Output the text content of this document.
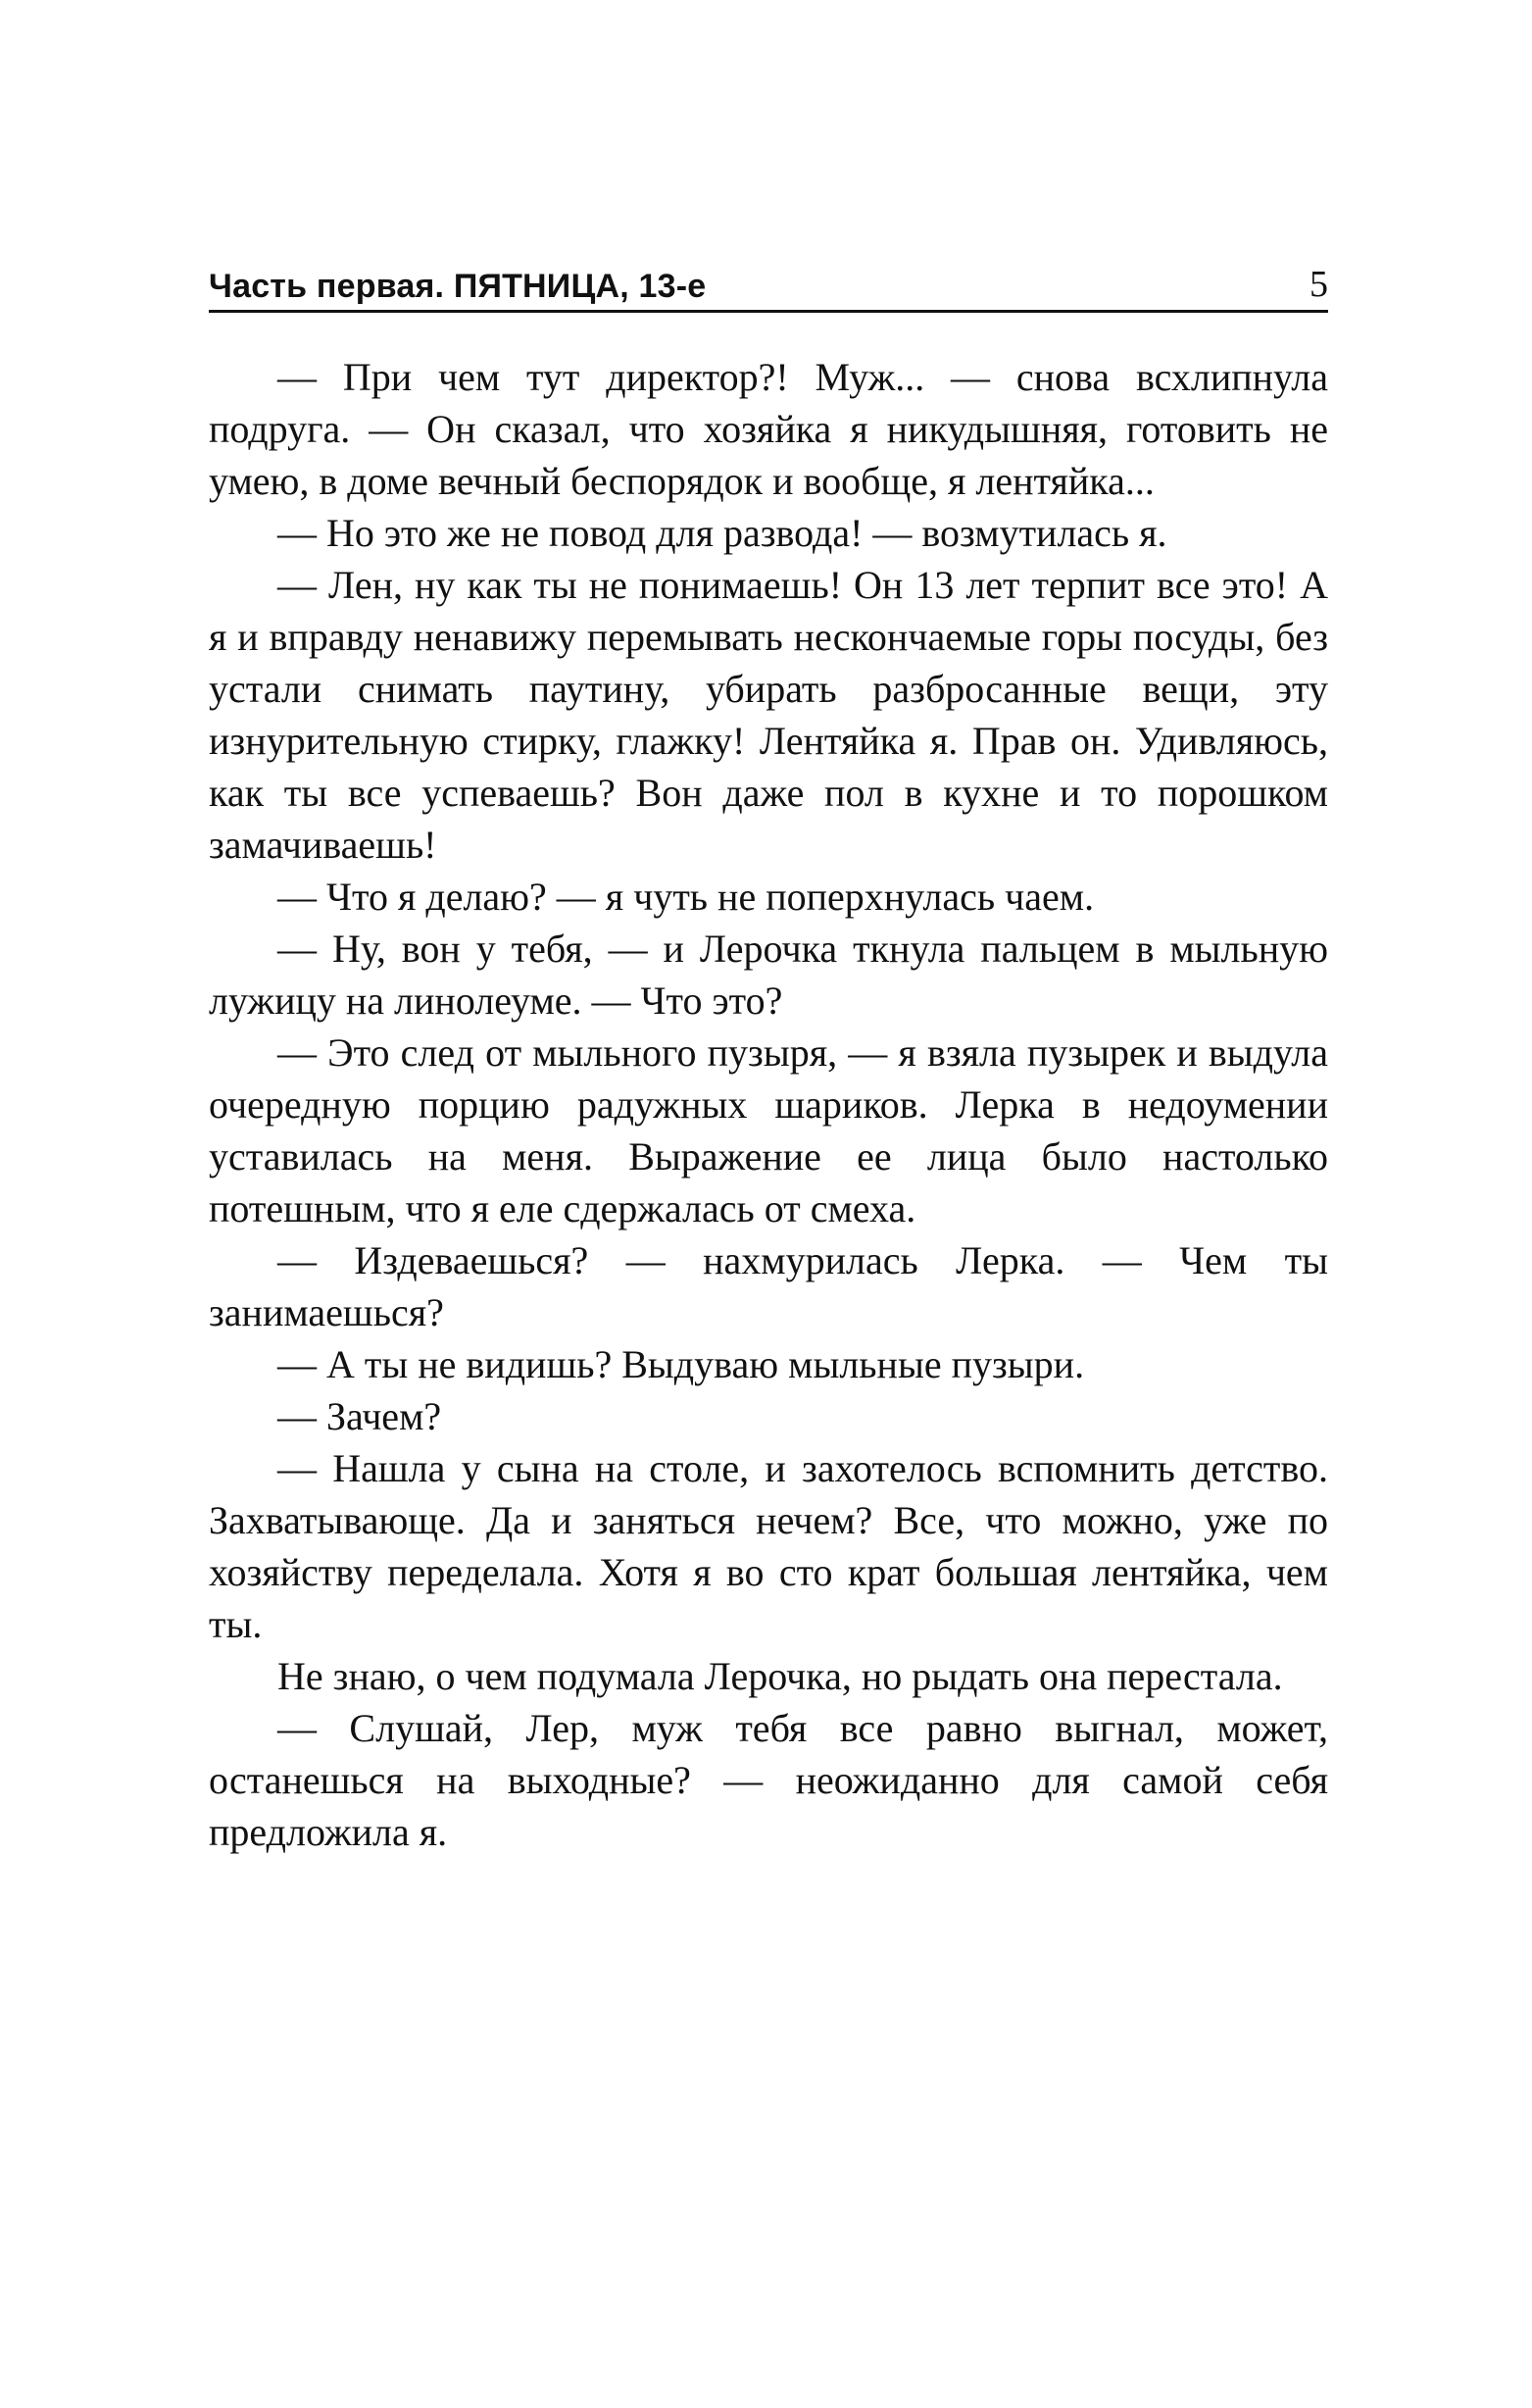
Часть первая. ПЯТНИЦА, 13-е	5

— При чем тут директор?! Муж... — снова всхлипнула подруга. — Он сказал, что хозяйка я никудышняя, готовить не умею, в доме вечный беспорядок и вообще, я лентяйка...

— Но это же не повод для развода! — возмутилась я.

— Лен, ну как ты не понимаешь! Он 13 лет терпит все это! А я и вправду ненавижу перемывать нескончаемые горы посуды, без устали снимать паутину, убирать разбросанные вещи, эту изнурительную стирку, глажку! Лентяйка я. Прав он. Удивляюсь, как ты все успеваешь? Вон даже пол в кухне и то порошком замачиваешь!

— Что я делаю? — я чуть не поперхнулась чаем.

— Ну, вон у тебя, — и Лерочка ткнула пальцем в мыльную лужицу на линолеуме. — Что это?

— Это след от мыльного пузыря, — я взяла пузырек и выдула очередную порцию радужных шариков. Лерка в недоумении уставилась на меня. Выражение ее лица было настолько потешным, что я еле сдержалась от смеха.

— Издеваешься? — нахмурилась Лерка. — Чем ты занимаешься?

— А ты не видишь? Выдуваю мыльные пузыри.

— Зачем?

— Нашла у сына на столе, и захотелось вспомнить детство. Захватывающе. Да и заняться нечем? Все, что можно, уже по хозяйству переделала. Хотя я во сто крат большая лентяйка, чем ты.

Не знаю, о чем подумала Лерочка, но рыдать она перестала.

— Слушай, Лер, муж тебя все равно выгнал, может, останешься на выходные? — неожиданно для самой себя предложила я.
